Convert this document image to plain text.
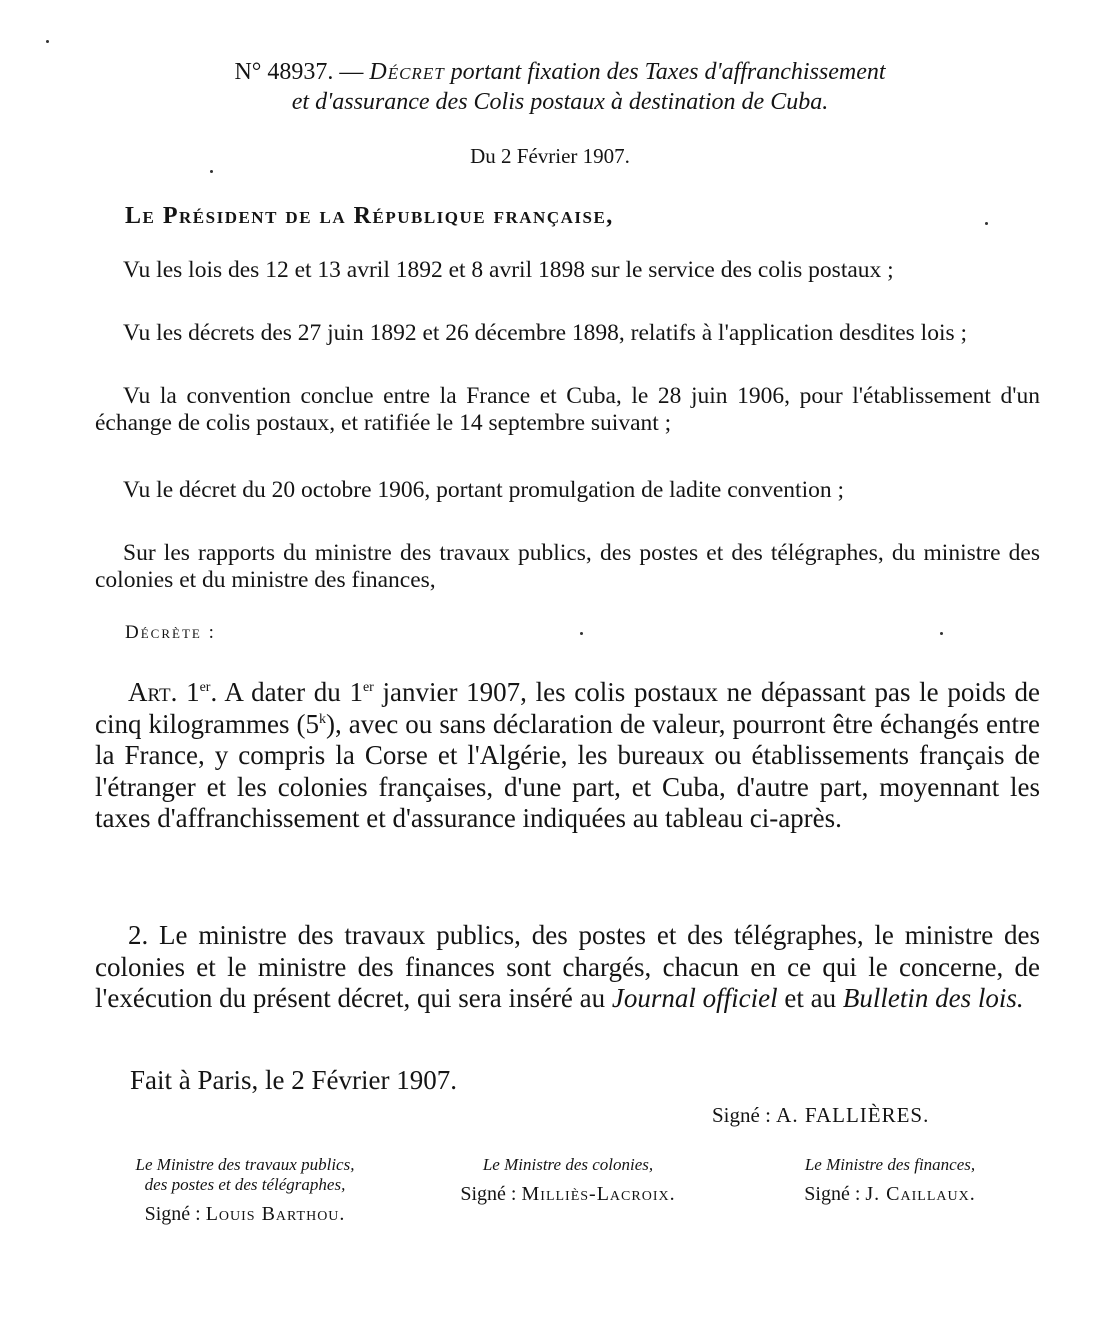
N° 48937. — Décret portant fixation des Taxes d'affranchissement
et d'assurance des Colis postaux à destination de Cuba.
Du 2 Février 1907.
Le Président de la République française,

Vu les lois des 12 et 13 avril 1892 et 8 avril 1898 sur le service des colis postaux ;

Vu les décrets des 27 juin 1892 et 26 décembre 1898, relatifs à l'application desdites lois ;

Vu la convention conclue entre la France et Cuba, le 28 juin 1906, pour l'établissement d'un échange de colis postaux, et ratifiée le 14 septembre suivant ;

Vu le décret du 20 octobre 1906, portant promulgation de ladite convention ;

Sur les rapports du ministre des travaux publics, des postes et des télégraphes, du ministre des colonies et du ministre des finances,

Décrète :

Art. 1er. A dater du 1er janvier 1907, les colis postaux ne dépassant pas le poids de cinq kilogrammes (5$^k$), avec ou sans déclaration de valeur, pourront être échangés entre la France, y compris la Corse et l'Algérie, les bureaux ou établissements français de l'étranger et les colonies françaises, d'une part, et Cuba, d'autre part, moyennant les taxes d'affranchissement et d'assurance indiquées au tableau ci-après.

2. Le ministre des travaux publics, des postes et des télégraphes, le ministre des colonies et le ministre des finances sont chargés, chacun en ce qui le concerne, de l'exécution du présent décret, qui sera inséré au Journal officiel et au Bulletin des lois.

Fait à Paris, le 2 Février 1907.
Signé : A. FALLIÈRES.
Le Ministre des travaux publics,
des postes et des télégraphes,
Signé : Louis Barthou.
Le Ministre des colonies,
Signé : Milliès-Lacroix.
Le Ministre des finances,
Signé : J. Caillaux.
